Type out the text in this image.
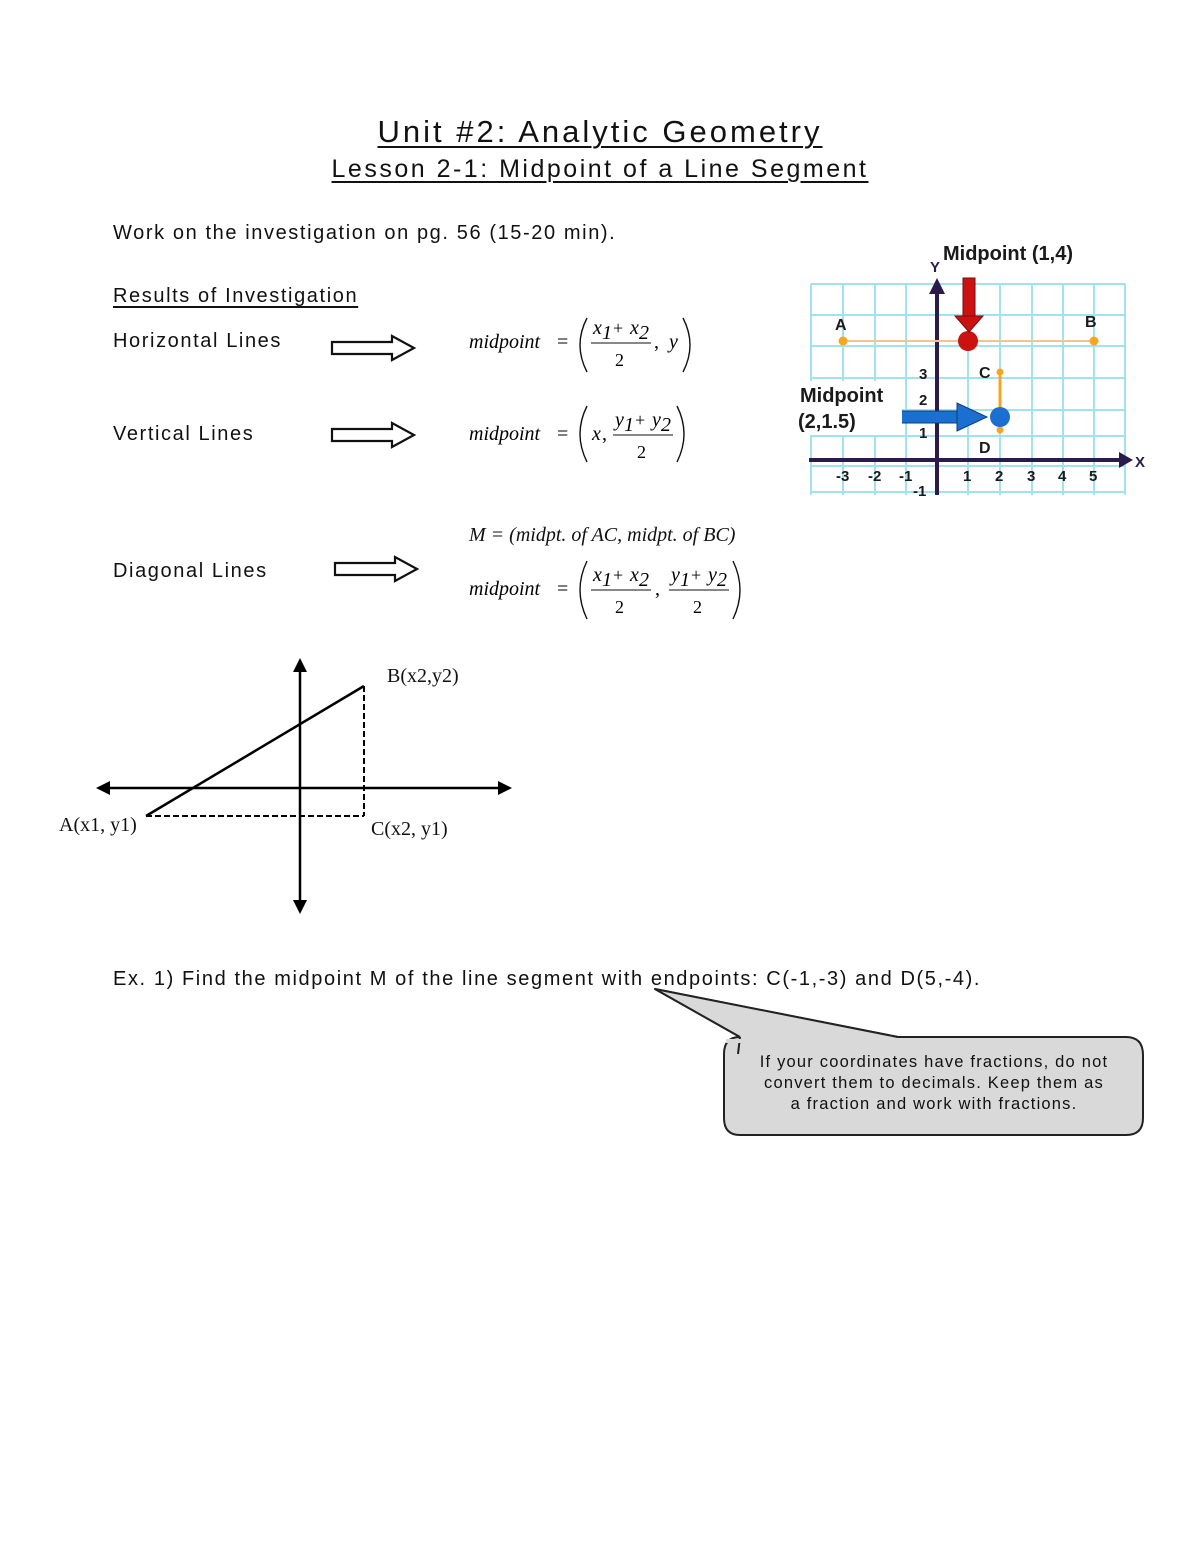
Unit #2: Analytic Geometry
Lesson 2-1: Midpoint of a Line Segment
Work on the investigation on pg. 56 (15-20 min).
Results of Investigation
Horizontal Lines
Vertical Lines
Diagonal Lines
midpoint =
x 1 + x 2
2
, y
midpoint = x ,
y 1 + y 2
2
M = (midpt. of AC, midpt. of BC)
midpoint =
x 1 + x 2
2
,
y 1 + y 2
2
Y
X
A	B
C
D
Midpoint (1,4)
Midpoint
(2,1.5)
-3 -2 -1	1 2 3 4 5
3
2
1
-1
B(x2,y2)
A(x1, y1)	C(x2, y1)
Ex. 1) Find the midpoint M of the line segment with endpoints: C(-1,-3) and D(5,-4).
If your coordinates have fractions, do not
convert them to decimals. Keep them as
a fraction and work with fractions.
